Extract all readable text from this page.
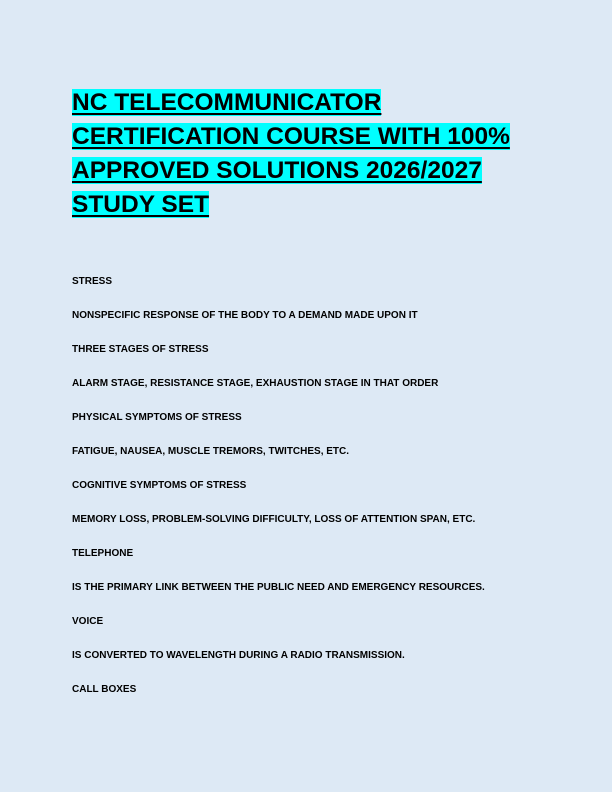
NC TELECOMMUNICATOR
CERTIFICATION COURSE WITH 100%
APPROVED SOLUTIONS 2026/2027
STUDY SET
STRESS
NONSPECIFIC RESPONSE OF THE BODY TO A DEMAND MADE UPON IT
THREE STAGES OF STRESS
ALARM STAGE, RESISTANCE STAGE, EXHAUSTION STAGE IN THAT ORDER
PHYSICAL SYMPTOMS OF STRESS
FATIGUE, NAUSEA, MUSCLE TREMORS, TWITCHES, ETC.
COGNITIVE SYMPTOMS OF STRESS
MEMORY LOSS, PROBLEM-SOLVING DIFFICULTY, LOSS OF ATTENTION SPAN, ETC.
TELEPHONE
IS THE PRIMARY LINK BETWEEN THE PUBLIC NEED AND EMERGENCY RESOURCES.
VOICE
IS CONVERTED TO WAVELENGTH DURING A RADIO TRANSMISSION.
CALL BOXES
